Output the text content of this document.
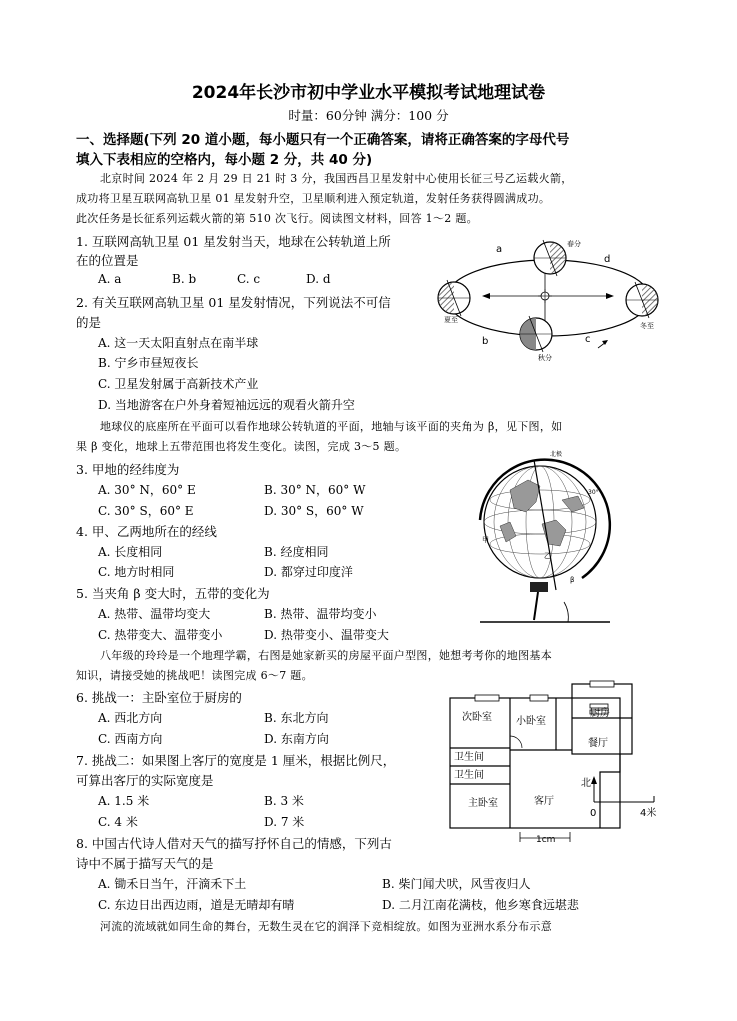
2024年长沙市初中学业水平模拟考试地理试卷
时量：60分钟 满分：100 分
一、选择题(下列 20 道小题，每小题只有一个正确答案，请将正确答案的字母代号
填入下表相应的空格内，每小题 2 分，共 40 分)
北京时间 2024 年 2 月 29 日 21 时 3 分，我国西昌卫星发射中心使用长征三号乙运载火箭，
成功将卫星互联网高轨卫星 01 星发射升空，卫星顺利进入预定轨道，发射任务获得圆满成功。
此次任务是长征系列运载火箭的第 510 次飞行。阅读图文材料，回答 1～2 题。
1. 互联网高轨卫星 01 星发射当天，地球在公转轨道上所
在的位置是
A. a	B. b	C. c	D. d
2. 有关互联网高轨卫星 01 星发射情况，下列说法不可信
的是
A. 这一天太阳直射点在南半球
B. 宁乡市昼短夜长
C. 卫星发射属于高新技术产业
D. 当地游客在户外身着短袖远远的观看火箭升空
a
d
b	c
春分
夏至
秋分
冬至
地球仪的底座所在平面可以看作地球公转轨道的平面，地轴与该平面的夹角为 β，见下图，如
果 β 变化，地球上五带范围也将发生变化。读图，完成 3～5 题。
3. 甲地的经纬度为
A. 30° N，60° E	B. 30° N，60° W
C. 30° S，60° E	D. 30° S，60° W
4. 甲、乙两地所在的经线
A. 长度相同	B. 经度相同
C. 地方时相同	D. 都穿过印度洋
5. 当夹角 β 变大时，五带的变化为
A. 热带、温带均变大	B. 热带、温带均变小
C. 热带变大、温带变小	D. 热带变小、温带变大
甲
乙
北极
β
30°
八年级的玲玲是一个地理学霸，右图是她家新买的房屋平面户型图，她想考考你的地图基本
知识，请接受她的挑战吧！读图完成 6～7 题。
6. 挑战一：主卧室位于厨房的
A. 西北方向	B. 东北方向
C. 西南方向	D. 东南方向
7. 挑战二：如果图上客厅的宽度是 1 厘米，根据比例尺，
可算出客厅的实际宽度是
A. 1.5 米	B. 3 米
C. 4 米	D. 7 米
次卧室 小卧室
厨房
餐厅
卫生间
卫生间
主卧室	客厅
北
0	4米
1cm
8. 中国古代诗人借对天气的描写抒怀自己的情感，下列古
诗中不属于描写天气的是
A. 锄禾日当午，汗滴禾下土	B. 柴门闻犬吠，风雪夜归人
C. 东边日出西边雨，道是无晴却有晴	D. 二月江南花满枝，他乡寒食远堪悲
河流的流域就如同生命的舞台，无数生灵在它的润泽下竞相绽放。如图为亚洲水系分布示意
